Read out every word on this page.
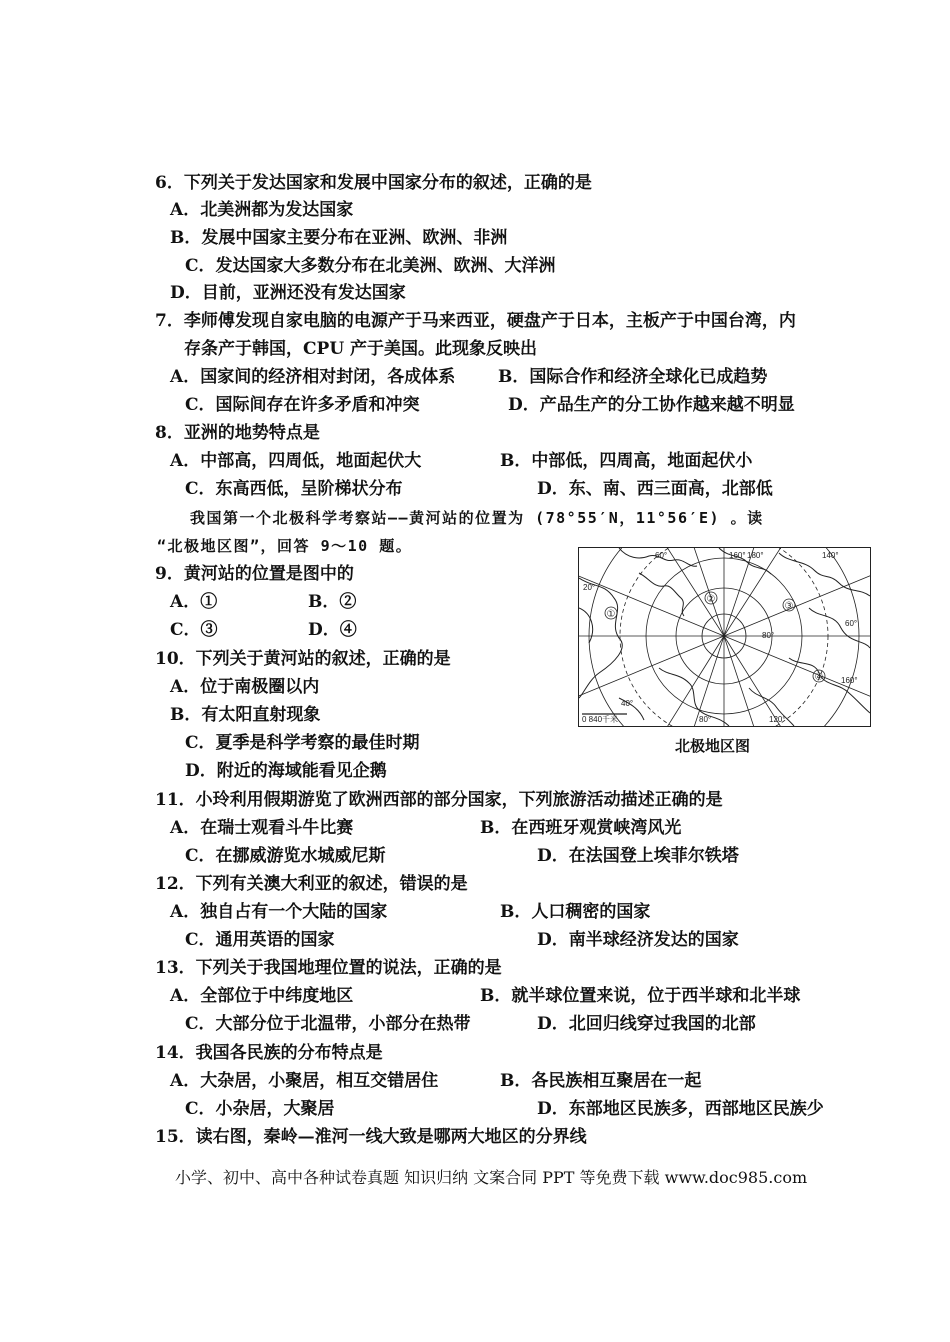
6．下列关于发达国家和发展中国家分布的叙述，正确的是
A．北美洲都为发达国家
B．发展中国家主要分布在亚洲、欧洲、非洲
C．发达国家大多数分布在北美洲、欧洲、大洋洲
D．目前，亚洲还没有发达国家
7．李师傅发现自家电脑的电源产于马来西亚，硬盘产于日本，主板产于中国台湾，内
存条产于韩国，CPU 产于美国。此现象反映出
A．国家间的经济相对封闭，各成体系	B．国际合作和经济全球化已成趋势
C．国际间存在许多矛盾和冲突	D．产品生产的分工协作越来越不明显
8．亚洲的地势特点是
A．中部高，四周低，地面起伏大	B．中部低，四周高，地面起伏小
C．东高西低，呈阶梯状分布	D．东、南、西三面高，北部低
我国第一个北极科学考察站——黄河站的位置为 (78°55′N，11°56′E) 。读
“北极地区图”，回答 9～10 题。
9．黄河站的位置是图中的
A．①	B．②
C．③	D．④
10．下列关于黄河站的叙述，正确的是
A．位于南极圈以内
B．有太阳直射现象
C．夏季是科学考察的最佳时期
D．附近的海域能看见企鹅
60°	160° 180°	140°
20°
60°
80°
160°
40°
80°	120°
0 840千米
①
②
③
④
北极地区图
11．小玲利用假期游览了欧洲西部的部分国家，下列旅游活动描述正确的是
A．在瑞士观看斗牛比赛	B．在西班牙观赏峡湾风光
C．在挪威游览水城威尼斯	D．在法国登上埃菲尔铁塔
12．下列有关澳大利亚的叙述，错误的是
A．独自占有一个大陆的国家	B．人口稠密的国家
C．通用英语的国家	D．南半球经济发达的国家
13．下列关于我国地理位置的说法，正确的是
A．全部位于中纬度地区	B．就半球位置来说，位于西半球和北半球
C．大部分位于北温带，小部分在热带	D．北回归线穿过我国的北部
14．我国各民族的分布特点是
A．大杂居，小聚居，相互交错居住	B．各民族相互聚居在一起
C．小杂居，大聚居	D．东部地区民族多，西部地区民族少
15．读右图，秦岭—淮河一线大致是哪两大地区的分界线
小学、初中、高中各种试卷真题 知识归纳 文案合同 PPT 等免费下载 www.doc985.com
